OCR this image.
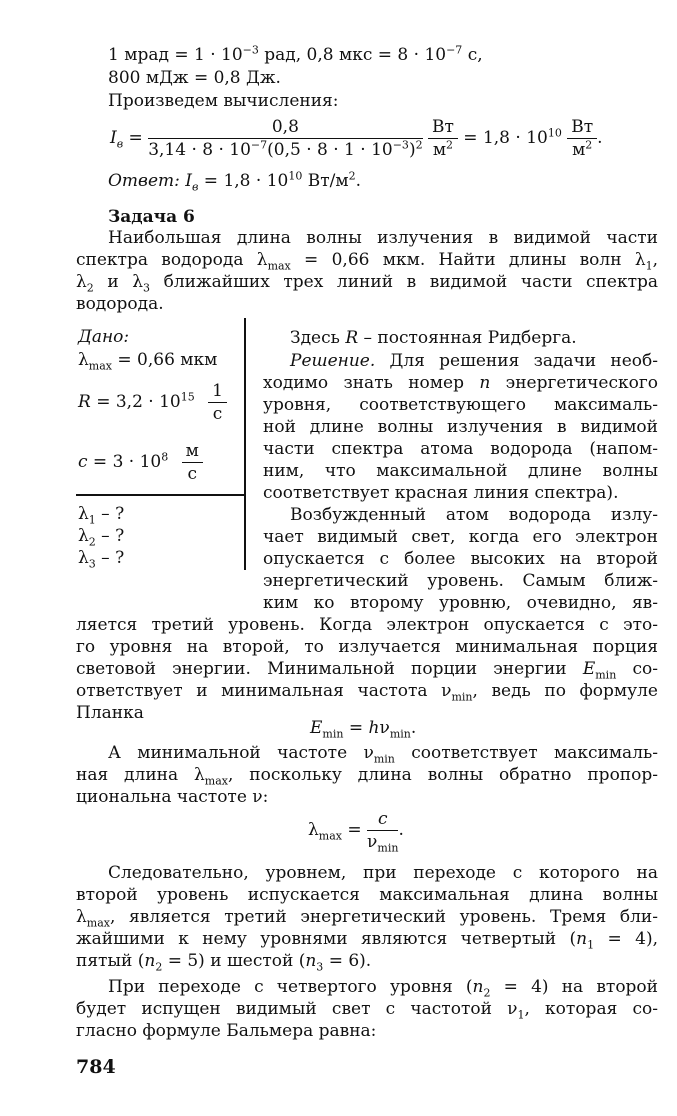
1 мрад = $1 \cdot 10^{-3}$ рад, 0,8 мкс = $8 \cdot 10^{-7}$ с,
800 мДж = 0,8 Дж.
Произведем вычисления:
$I_в = \frac{0,8}{3,14 \cdot 8 \cdot 10^{-7}(0,5 \cdot 8 \cdot 1 \cdot 10^{-3})^2}$
$\frac{Вт}{м^2} = 1,8 \cdot 10^{10} \frac{Вт}{м^2}$ .
Ответ: $I_в = 1,8 \cdot 10^{10}$ $Вт/м^2$.
Задача 6
Наибольшая длина волны излучения в видимой части
спектра водорода $\lambda_{max} = 0,66$ мкм. Найти длины волн $\lambda_1$,
$\lambda_2$ и $\lambda_3$ ближайших трех линий в видимой части спектра
водорода.
Дано:
$\lambda_{max} = 0,66$ мкм
$R = 3,2 \cdot 10^{15} \frac{1}{с}$
$c = 3 \cdot 10^8 \frac{м}{с}$
$\lambda_1$ – ?
$\lambda_2$ – ?
$\lambda_3$ – ?
Здесь R – постоянная Ридберга.
Решение. Для решения задачи необ-
ходимо знать номер n энергетического
уровня, соответствующего максималь-
ной длине волны излучения в видимой
части спектра атома водорода (напом-
ним, что максимальной длине волны
соответствует красная линия спектра).
Возбужденный атом водорода излу-
чает видимый свет, когда его электрон
опускается с более высоких на второй
энергетический уровень. Самым ближ-
ким ко второму уровню, очевидно, яв-
ляется третий уровень. Когда электрон опускается с это-
го уровня на второй, то излучается минимальная порция
световой энергии. Минимальной порции энергии $E_{min}$ со-
ответствует и минимальная частота $\nu_{min}$, ведь по формуле
Планка
$E_{min} = h\nu_{min}$.
А минимальной частоте $\nu_{min}$ соответствует максималь-
ная длина $\lambda_{max}$, поскольку длина волны обратно пропор-
циональна частоте ν:
$\lambda_{max} = \frac{c}{\nu_{min}}$ .
Следовательно, уровнем, при переходе с которого на
второй уровень испускается максимальная длина волны
$\lambda_{max}$, является третий энергетический уровень. Тремя бли-
жайшими к нему уровнями являются четвертый $(n_1 = 4)$,
пятый $(n_2 = 5)$ и шестой $(n_3 = 6)$.
При переходе с четвертого уровня $(n_2 = 4)$ на второй
будет испущен видимый свет с частотой $\nu_1$, которая со-
гласно формуле Бальмера равна:
784
